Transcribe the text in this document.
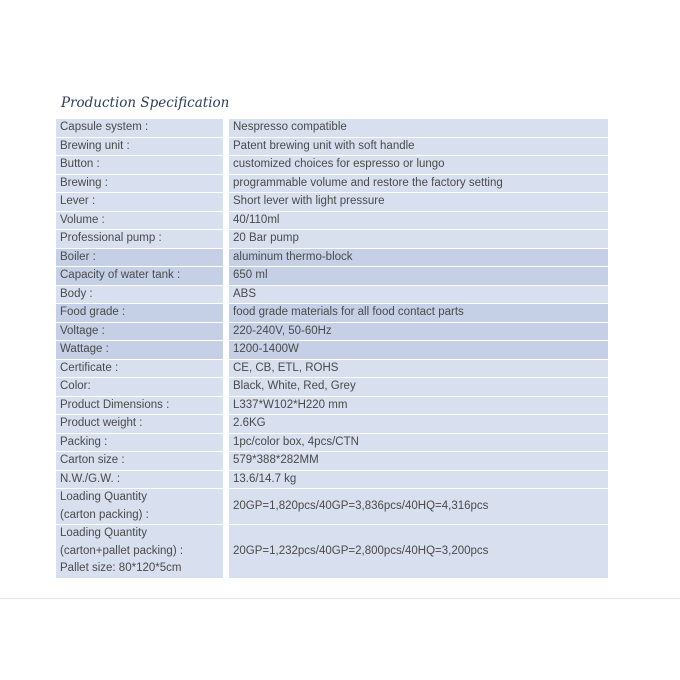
Production Specification
Capsule system :	Nespresso compatible
Brewing unit :	Patent brewing unit with soft handle
Button :	customized choices for espresso or lungo
Brewing :	programmable volume and restore the factory setting
Lever :	Short lever with light pressure
Volume :	40/110ml
Professional pump :	20 Bar pump
Boiler :	aluminum thermo-block
Capacity of water tank :	650 ml
Body :	ABS
Food grade :	food grade materials for all food contact parts
Voltage :	220-240V, 50-60Hz
Wattage :	1200-1400W
Certificate :	CE, CB, ETL, ROHS
Color:	Black, White, Red, Grey
Product Dimensions :	L337*W102*H220 mm
Product weight :	2.6KG
Packing :	1pc/color box, 4pcs/CTN
Carton size :	579*388*282MM
N.W./G.W. :	13.6/14.7 kg
Loading Quantity
(carton packing) :	20GP=1,820pcs/40GP=3,836pcs/40HQ=4,316pcs
Loading Quantity
(carton+pallet packing) :
Pallet size: 80*120*5cm	20GP=1,232pcs/40GP=2,800pcs/40HQ=3,200pcs
